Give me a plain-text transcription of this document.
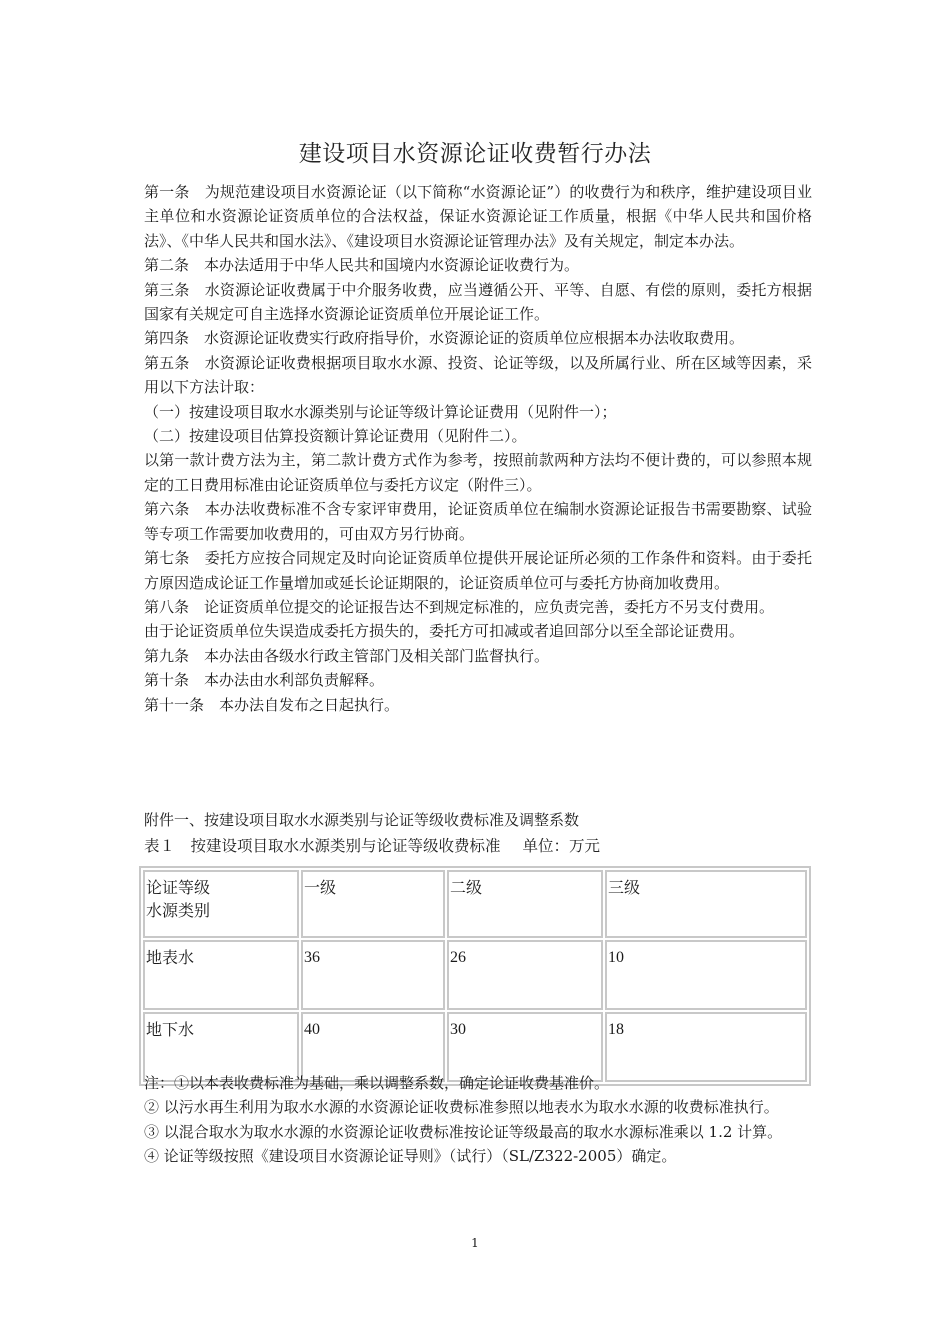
建设项目水资源论证收费暂行办法

第一条　为规范建设项目水资源论证（以下简称“水资源论证”）的收费行为和秩序，维护建设项目业主单位和水资源论证资质单位的合法权益，保证水资源论证工作质量，根据《中华人民共和国价格法》、《中华人民共和国水法》、《建设项目水资源论证管理办法》及有关规定，制定本办法。

第二条　本办法适用于中华人民共和国境内水资源论证收费行为。

第三条　水资源论证收费属于中介服务收费，应当遵循公开、平等、自愿、有偿的原则，委托方根据国家有关规定可自主选择水资源论证资质单位开展论证工作。

第四条　水资源论证收费实行政府指导价，水资源论证的资质单位应根据本办法收取费用。

第五条　水资源论证收费根据项目取水水源、投资、论证等级，以及所属行业、所在区域等因素，采用以下方法计取：

（一）按建设项目取水水源类别与论证等级计算论证费用（见附件一）；

（二）按建设项目估算投资额计算论证费用（见附件二）。

以第一款计费方法为主，第二款计费方式作为参考，按照前款两种方法均不便计费的，可以参照本规定的工日费用标准由论证资质单位与委托方议定（附件三）。

第六条　本办法收费标准不含专家评审费用，论证资质单位在编制水资源论证报告书需要勘察、试验等专项工作需要加收费用的，可由双方另行协商。

第七条　委托方应按合同规定及时向论证资质单位提供开展论证所必须的工作条件和资料。由于委托方原因造成论证工作量增加或延长论证期限的，论证资质单位可与委托方协商加收费用。

第八条　论证资质单位提交的论证报告达不到规定标准的，应负责完善，委托方不另支付费用。

由于论证资质单位失误造成委托方损失的，委托方可扣减或者追回部分以至全部论证费用。

第九条　本办法由各级水行政主管部门及相关部门监督执行。

第十条　本办法由水利部负责解释。

第十一条　本办法自发布之日起执行。

附件一、按建设项目取水水源类别与论证等级收费标准及调整系数

表１　按建设项目取水水源类别与论证等级收费标准 单位：万元

论证等级
水源类别	一级	二级	三级
地表水	36	26	10
地下水	40	30	18

注：①以本表收费标准为基础，乘以调整系数，确定论证收费基准价。

② 以污水再生利用为取水水源的水资源论证收费标准参照以地表水为取水水源的收费标准执行。

③ 以混合取水为取水水源的水资源论证收费标准按论证等级最高的取水水源标准乘以 1.2 计算。

④ 论证等级按照《建设项目水资源论证导则》（试行）（SL/Z322-2005）确定。

1
